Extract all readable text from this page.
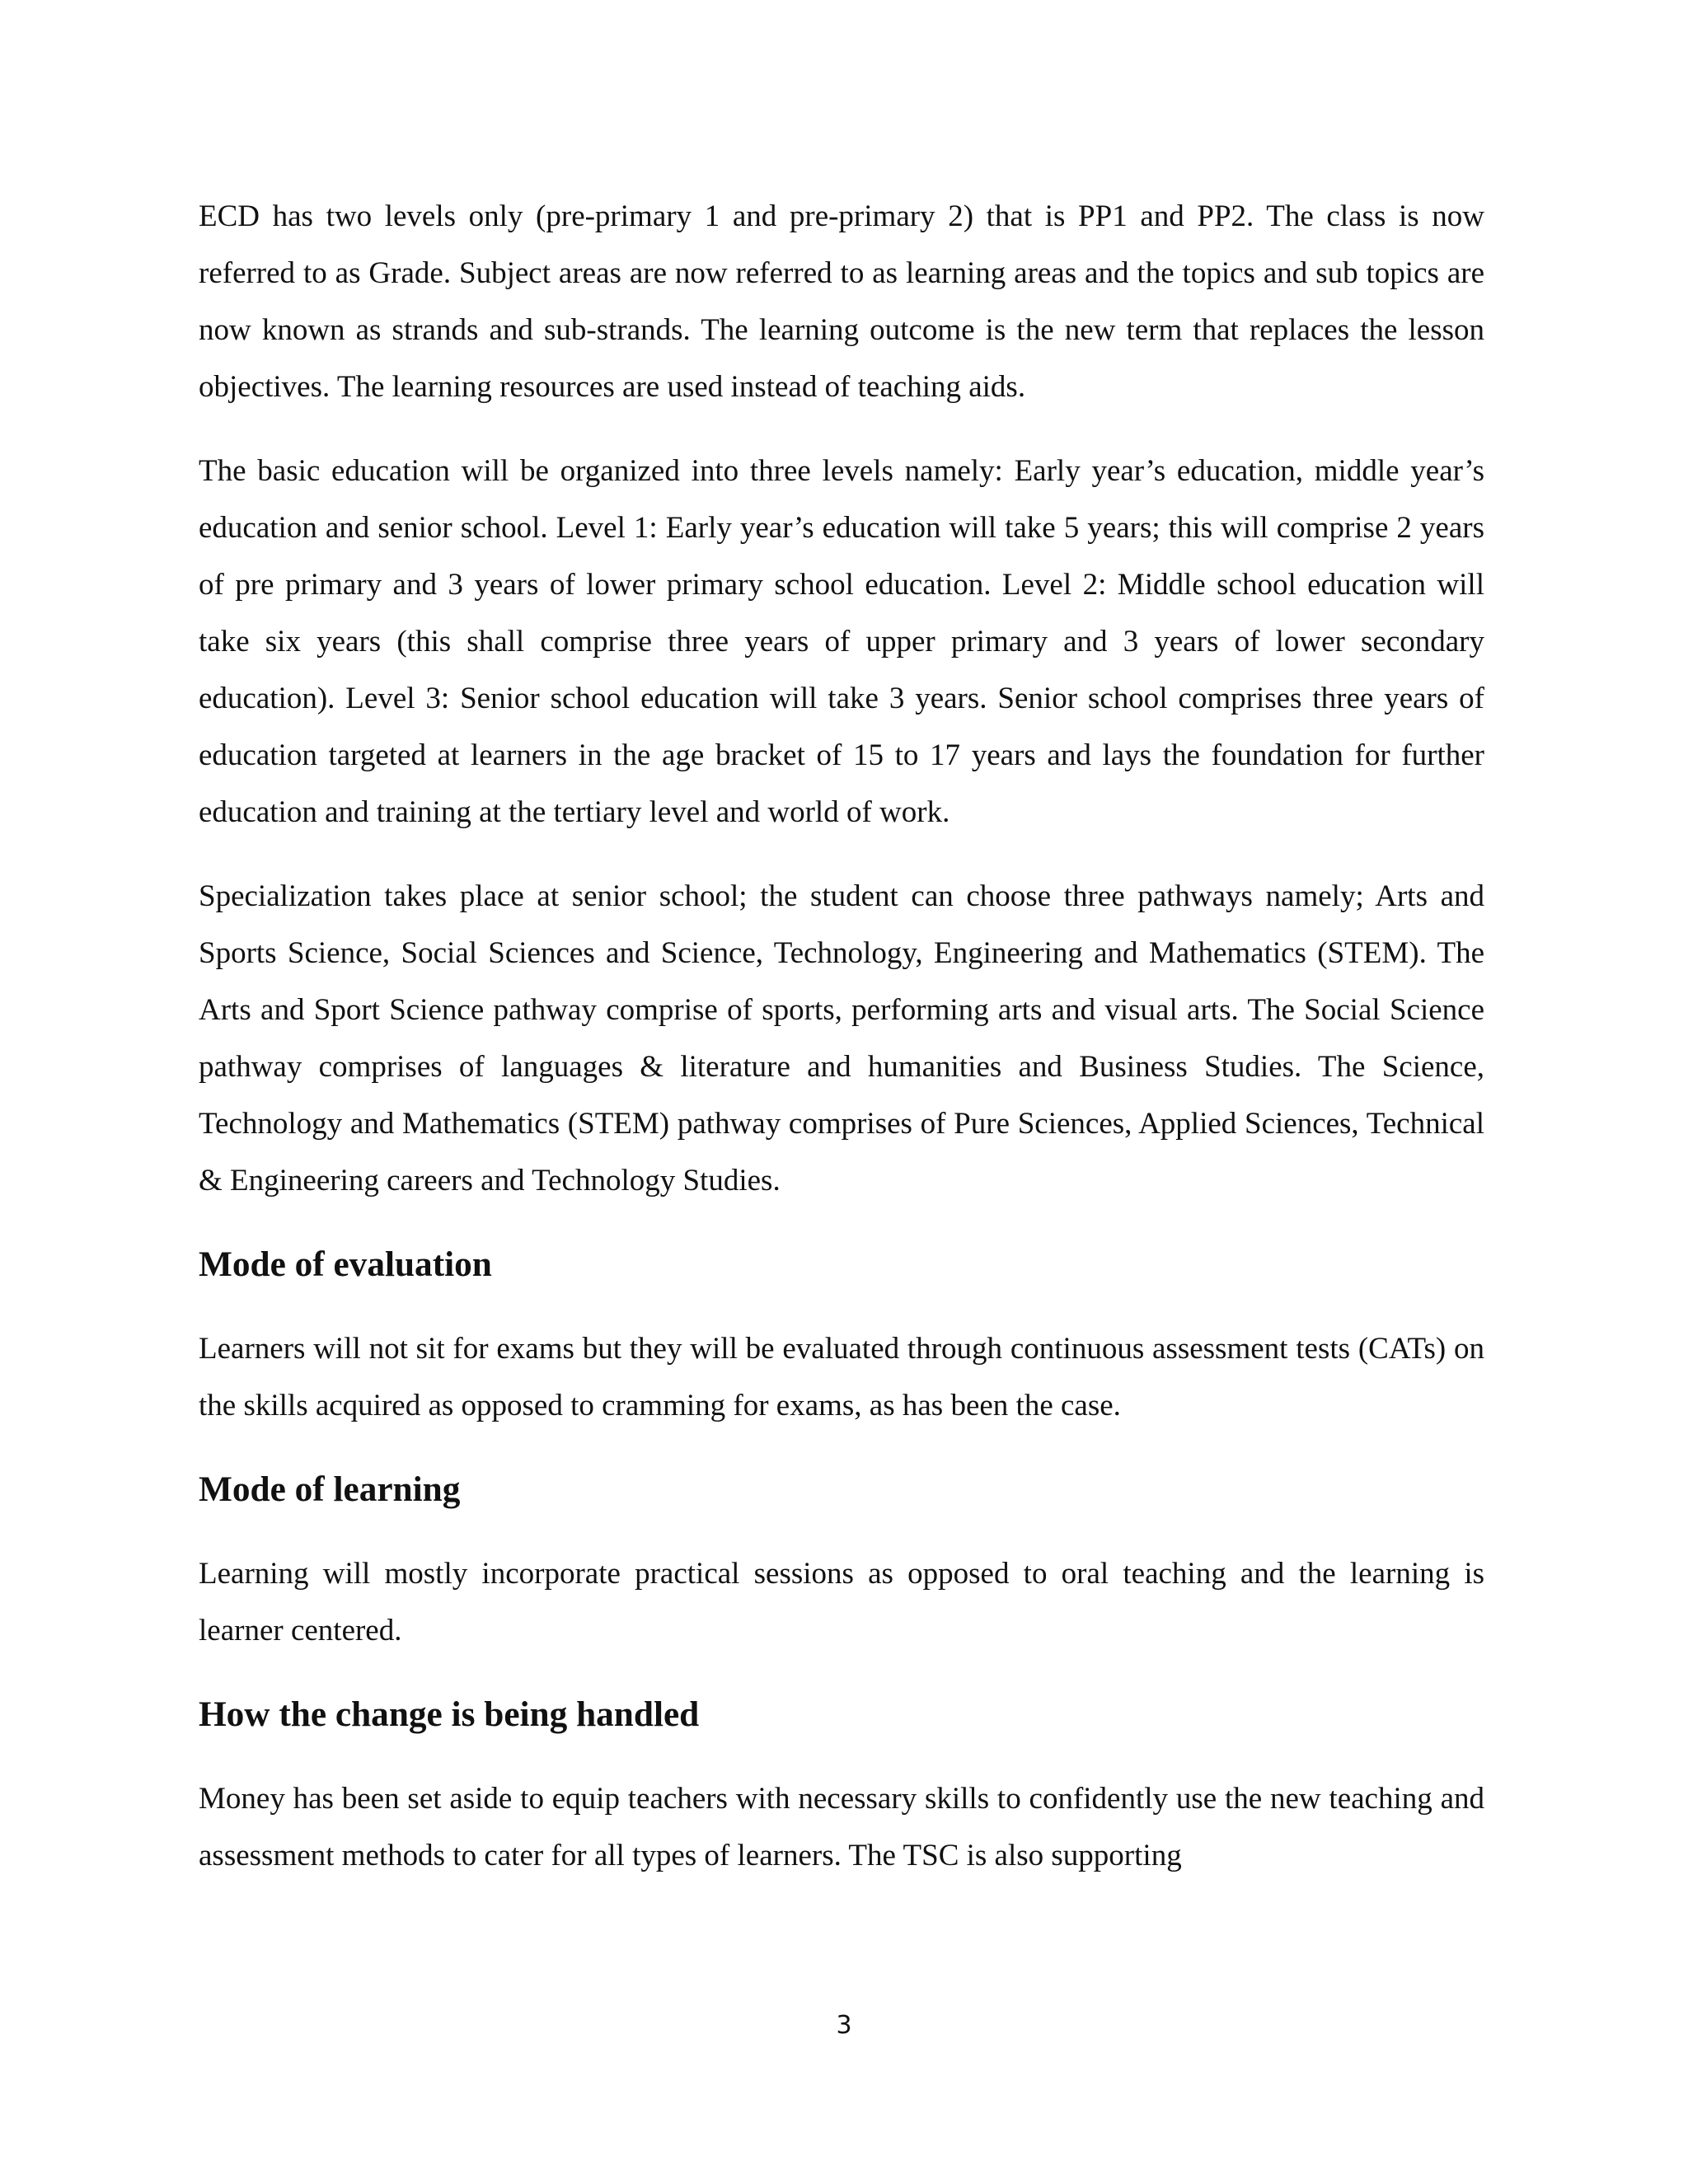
ECD has two levels only (pre-primary 1 and pre-primary 2) that is PP1 and PP2. The class is now referred to as Grade. Subject areas are now referred to as learning areas and the topics and sub topics are now known as strands and sub-strands. The learning outcome is the new term that replaces the lesson objectives. The learning resources are used instead of teaching aids.

The basic education will be organized into three levels namely: Early year’s education, middle year’s education and senior school. Level 1: Early year’s education will take 5 years; this will comprise 2 years of pre primary and 3 years of lower primary school education. Level 2: Middle school education will take six years (this shall comprise three years of upper primary and 3 years of lower secondary education). Level 3: Senior school education will take 3 years. Senior school comprises three years of education targeted at learners in the age bracket of 15 to 17 years and lays the foundation for further education and training at the tertiary level and world of work.

Specialization takes place at senior school; the student can choose three pathways namely; Arts and Sports Science, Social Sciences and Science, Technology, Engineering and Mathematics (STEM). The Arts and Sport Science pathway comprise of sports, performing arts and visual arts. The Social Science pathway comprises of languages & literature and humanities and Business Studies. The Science, Technology and Mathematics (STEM) pathway comprises of Pure Sciences, Applied Sciences, Technical & Engineering careers and Technology Studies.

Mode of evaluation

Learners will not sit for exams but they will be evaluated through continuous assessment tests (CATs) on the skills acquired as opposed to cramming for exams, as has been the case.

Mode of learning

Learning will mostly incorporate practical sessions as opposed to oral teaching and the learning is learner centered.

How the change is being handled

Money has been set aside to equip teachers with necessary skills to confidently use the new teaching and assessment methods to cater for all types of learners. The TSC is also supporting

3
